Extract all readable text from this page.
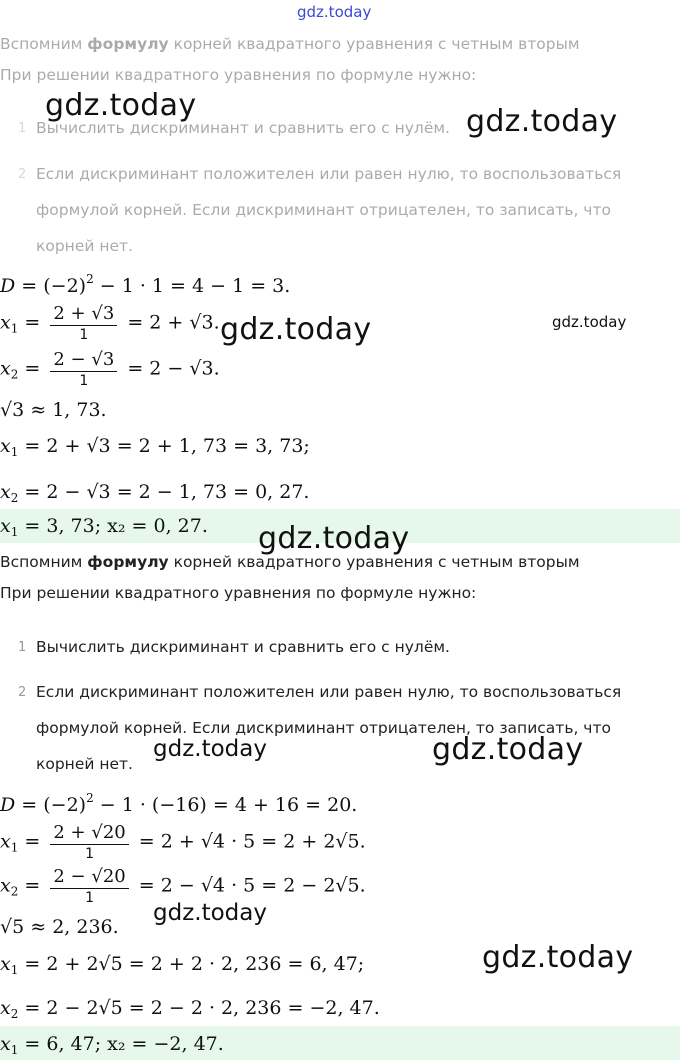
Вспомним формулу корней квадратного уравнения с четным вторым
При решении квадратного уравнения по формуле нужно:
1 Вычислить дискриминант и сравнить его с нулём.
2 Если дискриминант положителен или равен нулю, то воспользоваться
формулой корней. Если дискриминант отрицателен, то записать, что
корней нет.
$D = (-2)^2 - 1 \cdot 1 = 4 - 1 = 3$.
$x_1 = \frac{2 + √3}{1} = 2 + √3$.
$x_2 = \frac{2 - √3}{1} = 2 - √3$.
√3 ≈ 1, 73.
$x_1 = 2 + √3 = 2 + 1$, 73 = 3, 73;
$x_2 = 2 - √3 = 2 - 1$, 73 = 0, 27.
$x_1 = 3$, 73; x₂ = 0, 27.
Вспомним формулу корней квадратного уравнения с четным вторым
При решении квадратного уравнения по формуле нужно:
1 Вычислить дискриминант и сравнить его с нулём.
2 Если дискриминант положителен или равен нулю, то воспользоваться
формулой корней. Если дискриминант отрицателен, то записать, что
корней нет.
$D = (-2)^2 - 1 \cdot (-16) = 4 + 16 = 20$.
$x_1 = \frac{2 + √20}{1} = 2 + √4 \cdot 5 = 2 + 2√5$.
$x_2 = \frac{2 - √20}{1} = 2 - √4 \cdot 5 = 2 - 2√5$.
√5 ≈ 2, 236.
$x_1 = 2 + 2√5 = 2 + 2 \cdot 2$, 236 = 6, 47;
$x_2 = 2 - 2√5 = 2 - 2 \cdot 2$, 236 = −2, 47.
$x_1 = 6$, 47; x₂ = −2, 47.
gdz.today
gdz.today	gdz.today
gdz.today	gdz.today
gdz.today
gdz.today	gdz.today
gdz.today
gdz.today
